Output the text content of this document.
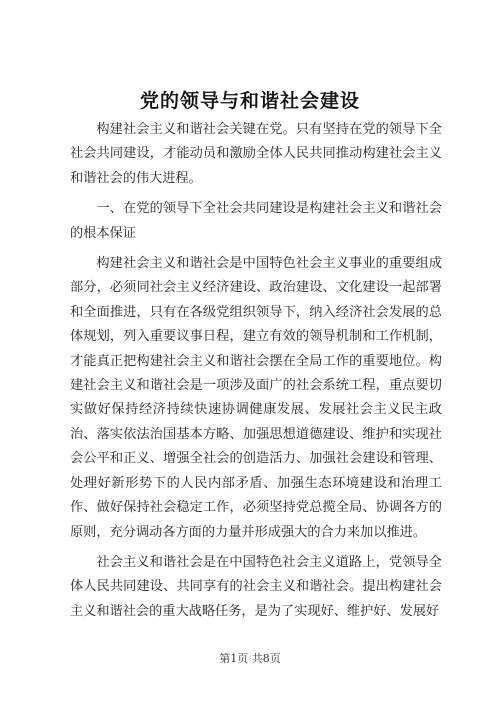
党的领导与和谐社会建设

构建社会主义和谐社会关键在党。只有坚持在党的领导下全社会共同建设，才能动员和激励全体人民共同推动构建社会主义和谐社会的伟大进程。

一、在党的领导下全社会共同建设是构建社会主义和谐社会的根本保证

构建社会主义和谐社会是中国特色社会主义事业的重要组成部分，必须同社会主义经济建设、政治建设、文化建设一起部署和全面推进，只有在各级党组织领导下，纳入经济社会发展的总体规划，列入重要议事日程，建立有效的领导机制和工作机制，才能真正把构建社会主义和谐社会摆在全局工作的重要地位。构建社会主义和谐社会是一项涉及面广的社会系统工程，重点要切实做好保持经济持续快速协调健康发展、发展社会主义民主政治、落实依法治国基本方略、加强思想道德建设、维护和实现社会公平和正义、增强全社会的创造活力、加强社会建设和管理、处理好新形势下的人民内部矛盾、加强生态环境建设和治理工作、做好保持社会稳定工作，必须坚持党总揽全局、协调各方的原则，充分调动各方面的力量并形成强大的合力来加以推进。

社会主义和谐社会是在中国特色社会主义道路上，党领导全体人民共同建设、共同享有的社会主义和谐社会。提出构建社会主义和谐社会的重大战略任务，是为了实现好、维护好、发展好

第1页 共8页
